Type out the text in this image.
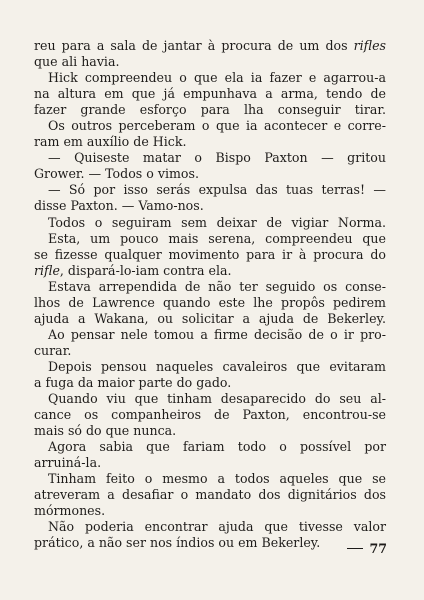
reu para a sala de jantar à procura de um dos rifles
que ali havia.
Hick compreendeu o que ela ia fazer e agarrou-a
na altura em que já empunhava a arma, tendo de
fazer grande esforço para lha conseguir tirar.
Os outros perceberam o que ia acontecer e corre-
ram em auxílio de Hick.
— Quiseste matar o Bispo Paxton — gritou
Grower. — Todos o vimos.
— Só por isso serás expulsa das tuas terras! —
disse Paxton. — Vamo-nos.
Todos o seguiram sem deixar de vigiar Norma.
Esta, um pouco mais serena, compreendeu que
se fizesse qualquer movimento para ir à procura do
rifle, dispará-lo-iam contra ela.
Estava arrependida de não ter seguido os conse-
lhos de Lawrence quando este lhe propôs pedirem
ajuda a Wakana, ou solicitar a ajuda de Bekerley.
Ao pensar nele tomou a firme decisão de o ir pro-
curar.
Depois pensou naqueles cavaleiros que evitaram
a fuga da maior parte do gado.
Quando viu que tinham desaparecido do seu al-
cance os companheiros de Paxton, encontrou-se
mais só do que nunca.
Agora sabia que fariam todo o possível por
arruiná-la.
Tinham feito o mesmo a todos aqueles que se
atreveram a desafiar o mandato dos dignitários dos
mórmones.
Não poderia encontrar ajuda que tivesse valor
prático, a não ser nos índios ou em Bekerley.	77
